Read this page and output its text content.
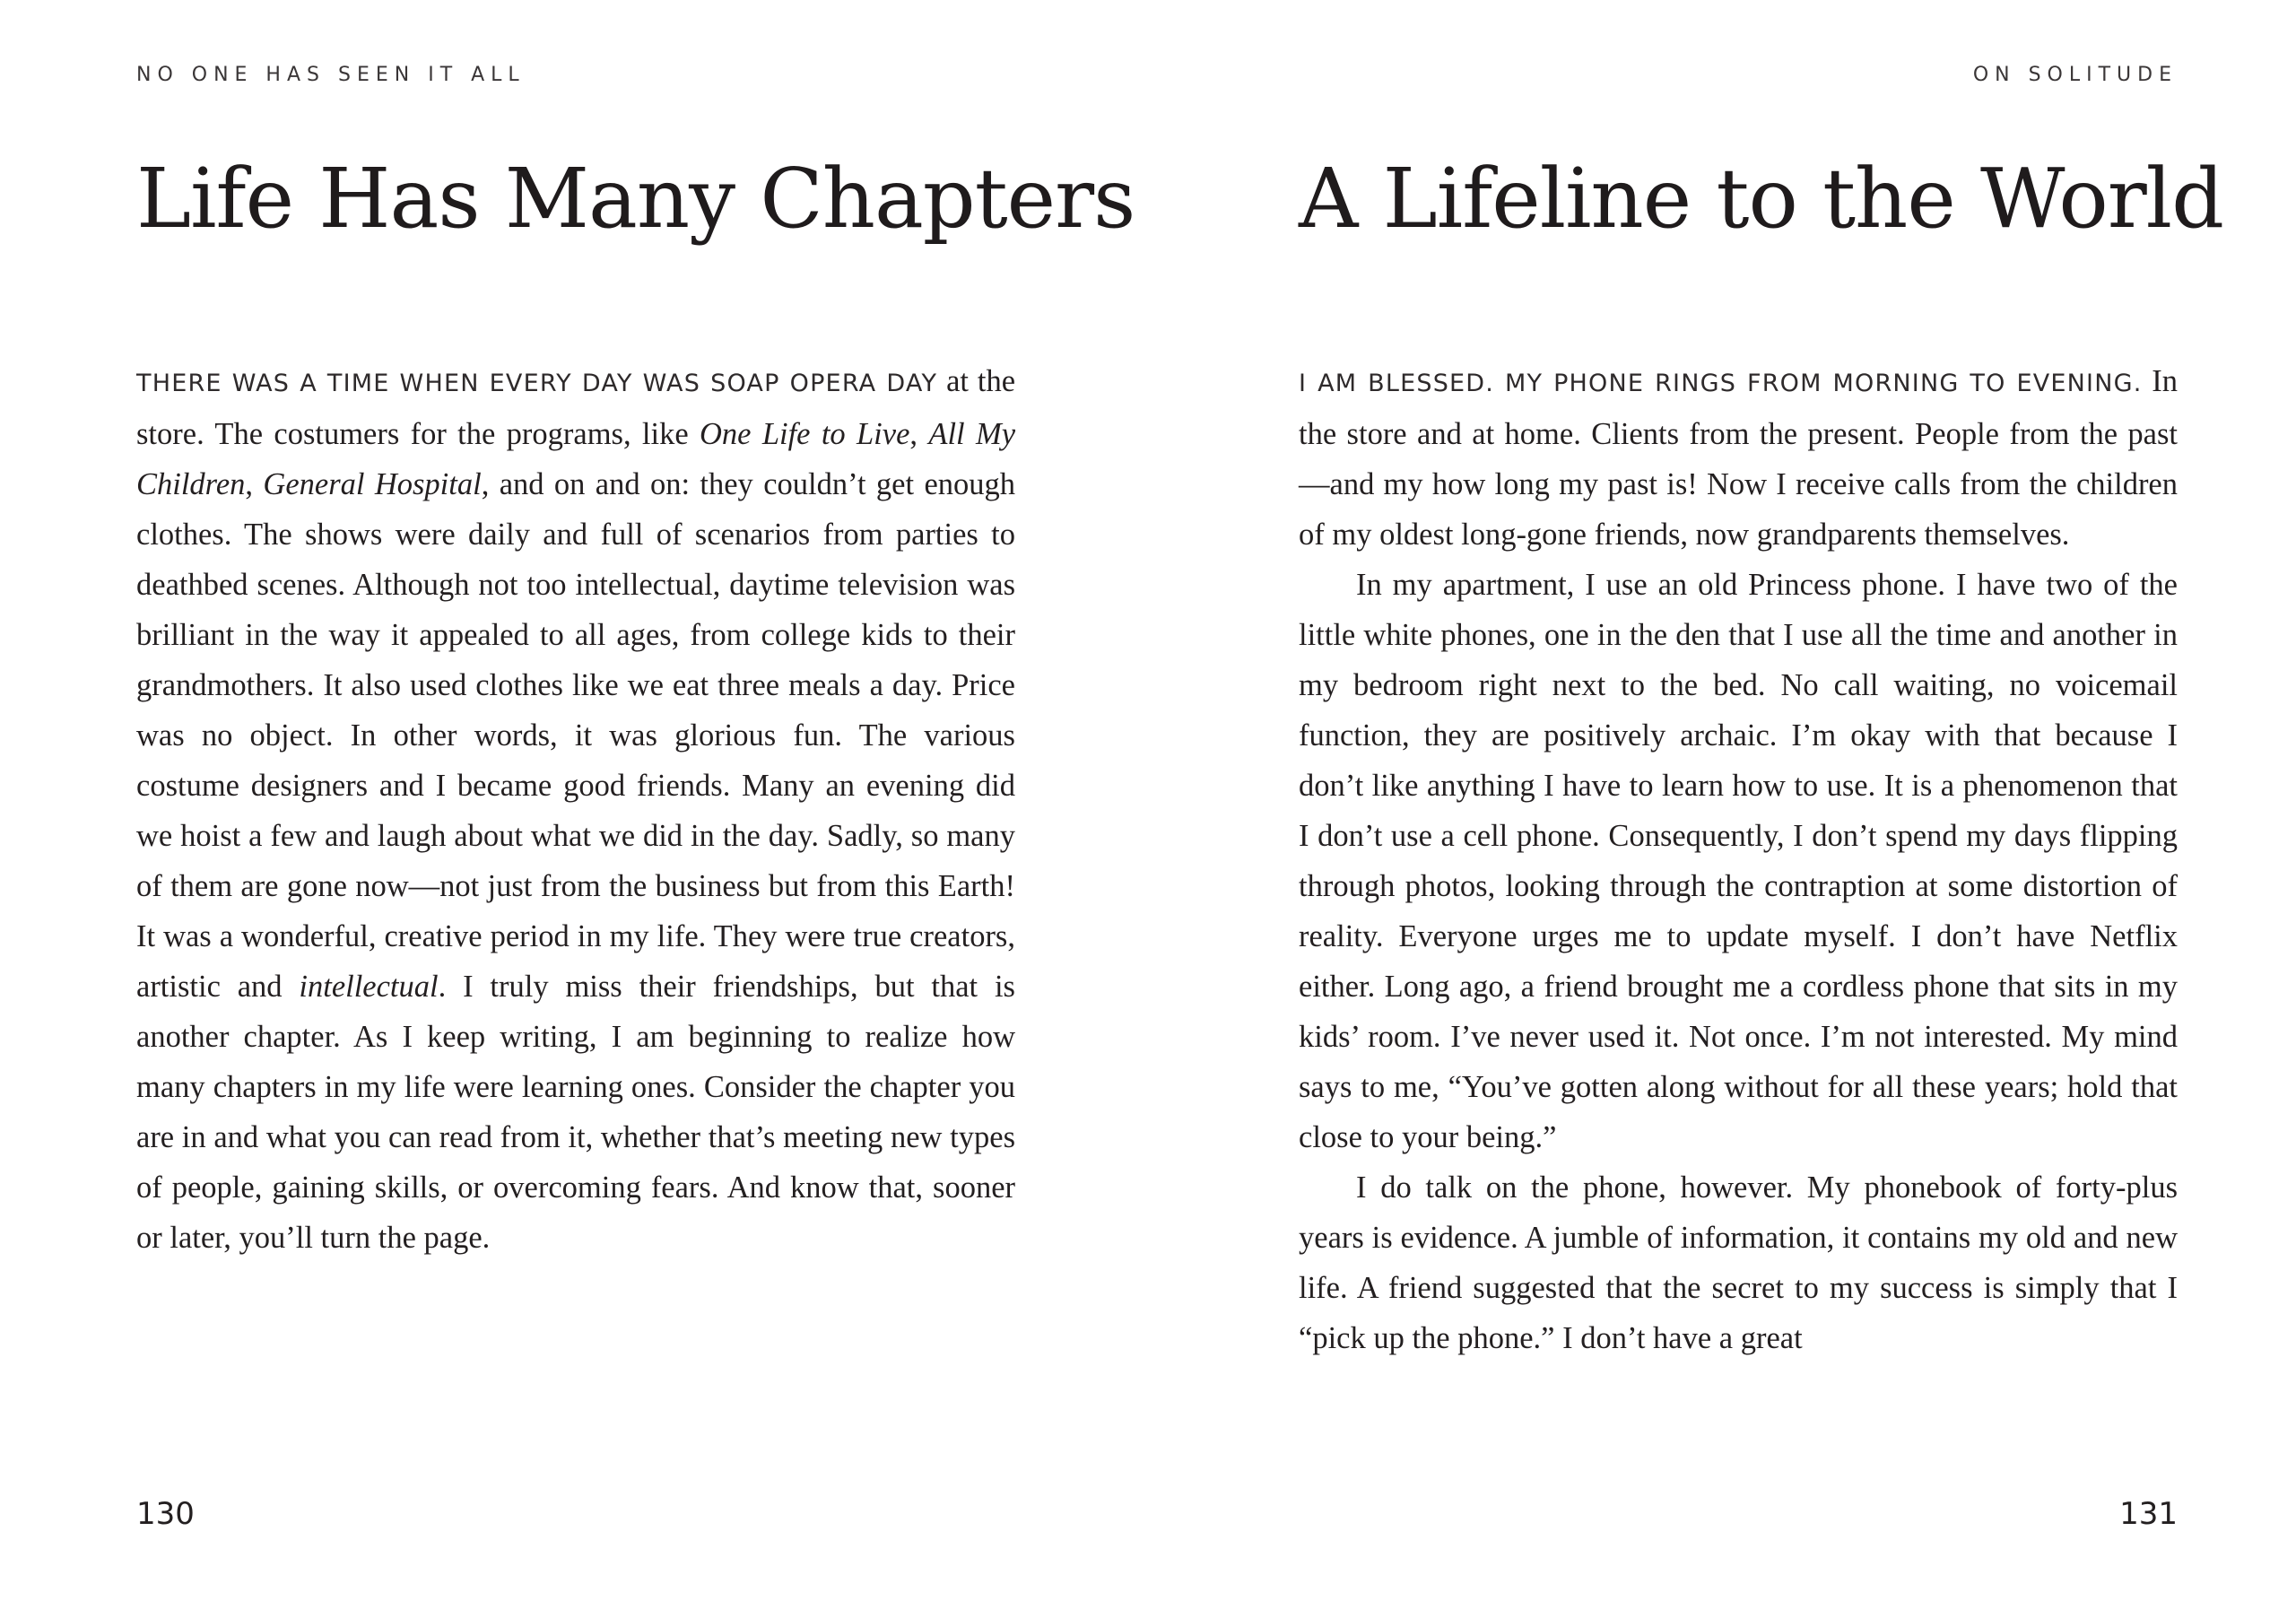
NO ONE HAS SEEN IT ALL
Life Has Many Chapters

THERE WAS A TIME WHEN EVERY DAY WAS SOAP OPERA DAY at the store. The costumers for the programs, like One Life to Live, All My Children, General Hospital, and on and on: they couldn’t get enough clothes. The shows were daily and full of scenarios from parties to deathbed scenes. Although not too intellectual, daytime television was brilliant in the way it appealed to all ages, from college kids to their grandmothers. It also used clothes like we eat three meals a day. Price was no object. In other words, it was glorious fun. The various costume designers and I became good friends. Many an evening did we hoist a few and laugh about what we did in the day. Sadly, so many of them are gone now—not just from the business but from this Earth! It was a wonderful, creative period in my life. They were true creators, artistic and intellectual. I truly miss their friendships, but that is another chapter. As I keep writing, I am beginning to realize how many chapters in my life were learning ones. Consider the chapter you are in and what you can read from it, whether that’s meeting new types of people, gaining skills, or overcoming fears. And know that, sooner or later, you’ll turn the page.

130
ON SOLITUDE
A Lifeline to the World

I AM BLESSED. MY PHONE RINGS FROM MORNING TO EVENING. In the store and at home. Clients from the present. People from the past—and my how long my past is! Now I receive calls from the children of my oldest long-gone friends, now grandparents themselves.

In my apartment, I use an old Princess phone. I have two of the little white phones, one in the den that I use all the time and another in my bedroom right next to the bed. No call waiting, no voicemail function, they are positively archaic. I’m okay with that because I don’t like anything I have to learn how to use. It is a phenomenon that I don’t use a cell phone. Consequently, I don’t spend my days flipping through photos, looking through the contraption at some distortion of reality. Everyone urges me to update myself. I don’t have Netflix either. Long ago, a friend brought me a cordless phone that sits in my kids’ room. I’ve never used it. Not once. I’m not interested. My mind says to me, “You’ve gotten along without for all these years; hold that close to your being.”

I do talk on the phone, however. My phonebook of forty-plus years is evidence. A jumble of information, it contains my old and new life. A friend suggested that the secret to my success is simply that I “pick up the phone.” I don’t have a great

131
